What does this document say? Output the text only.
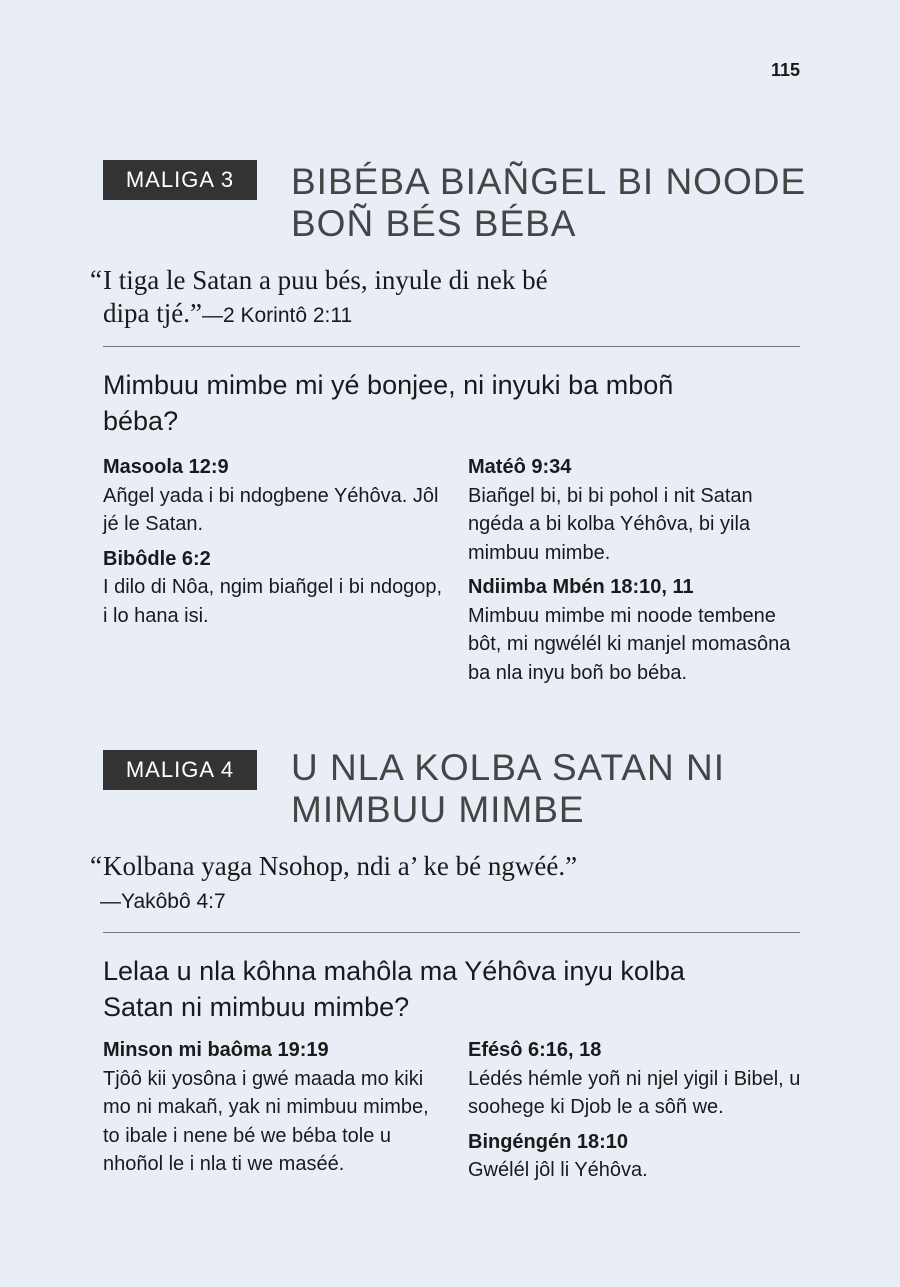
115
MALIGA 3	BIBÉBA BIAÑGEL BI NOODE
BOÑ BÉS BÉBA
“ I tiga le Satan a puu bés, inyule di nek bé
dipa tjé.”—2 Korintô 2:11
Mimbuu mimbe mi yé bonjee, ni inyuki ba mboñ béba?
Masoola 12:9
Añgel yada i bi ndogbene Yéhôva. Jôl jé le Satan.
Bibôdle 6:2
I dilo di Nôa, ngim biañgel i bi ndogop, i lo hana isi.
Matéô 9:34
Biañgel bi, bi bi pohol i nit Satan ngéda a bi kolba Yéhôva, bi yila mimbuu mimbe.
Ndiimba Mbén 18:10, 11
Mimbuu mimbe mi noode tembene bôt, mi ngwélél ki manjel momasôna ba nla inyu boñ bo béba.
MALIGA 4	U NLA KOLBA SATAN NI
MIMBUU MIMBE
“ Kolbana yaga Nsohop, ndi a’ ke bé ngwéé.”
—Yakôbô 4:7
Lelaa u nla kôhna mahôla ma Yéhôva inyu kolba Satan ni mimbuu mimbe?
Minson mi baôma 19:19
Tjôô kii yosôna i gwé maada mo kiki mo ni makañ, yak ni mimbuu mimbe, to ibale i nene bé we béba tole u nhoñol le i nla ti we maséé.
Efésô 6:16, 18
Lédés hémle yoñ ni njel yigil i Bibel, u soohege ki Djob le a sôñ we.
Bingéngén 18:10
Gwélél jôl li Yéhôva.
